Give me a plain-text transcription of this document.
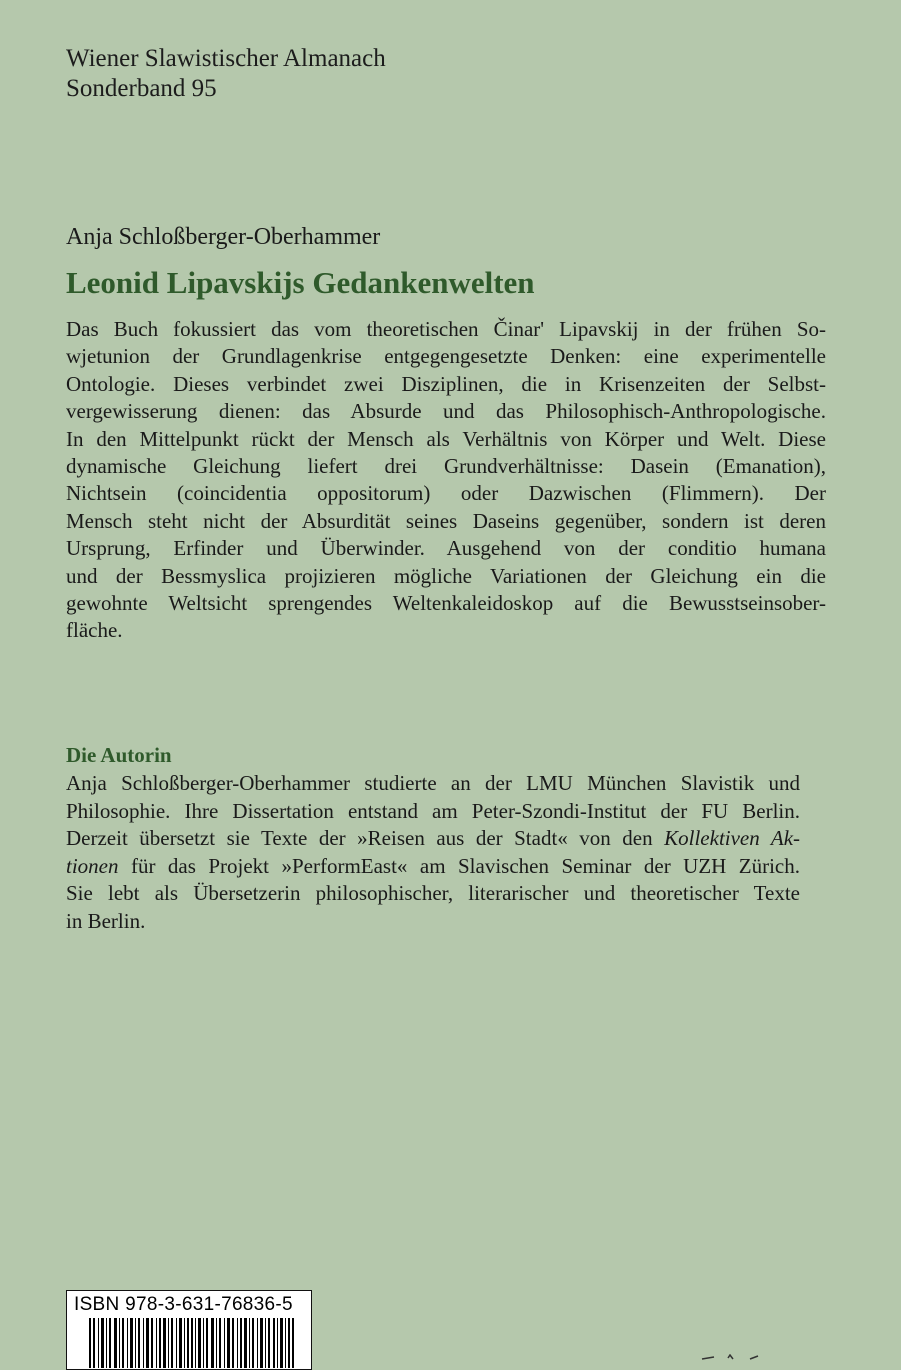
Wiener Slawistischer Almanach
Sonderband 95
Anja Schloßberger-Oberhammer
Leonid Lipavskijs Gedankenwelten
Das Buch fokussiert das vom theoretischen Činar' Lipavskij in der frühen So-
wjetunion der Grundlagenkrise entgegengesetzte Denken: eine experimentelle
Ontologie. Dieses verbindet zwei Disziplinen, die in Krisenzeiten der Selbst-
vergewisserung dienen: das Absurde und das Philosophisch-Anthropologische.
In den Mittelpunkt rückt der Mensch als Verhältnis von Körper und Welt. Diese
dynamische Gleichung liefert drei Grundverhältnisse: Dasein (Emanation),
Nichtsein (coincidentia oppositorum) oder Dazwischen (Flimmern). Der
Mensch steht nicht der Absurdität seines Daseins gegenüber, sondern ist deren
Ursprung, Erfinder und Überwinder. Ausgehend von der conditio humana
und der Bessmyslica projizieren mögliche Variationen der Gleichung ein die
gewohnte Weltsicht sprengendes Weltenkaleidoskop auf die Bewusstseinsober-
fläche.
Die Autorin
Anja Schloßberger-Oberhammer studierte an der LMU München Slavistik und
Philosophie. Ihre Dissertation entstand am Peter-Szondi-Institut der FU Berlin.
Derzeit übersetzt sie Texte der »Reisen aus der Stadt« von den Kollektiven Ak-
tionen für das Projekt »PerformEast« am Slavischen Seminar der UZH Zürich.
Sie lebt als Übersetzerin philosophischer, literarischer und theoretischer Texte
in Berlin.
ISBN 978-3-631-76836-5
